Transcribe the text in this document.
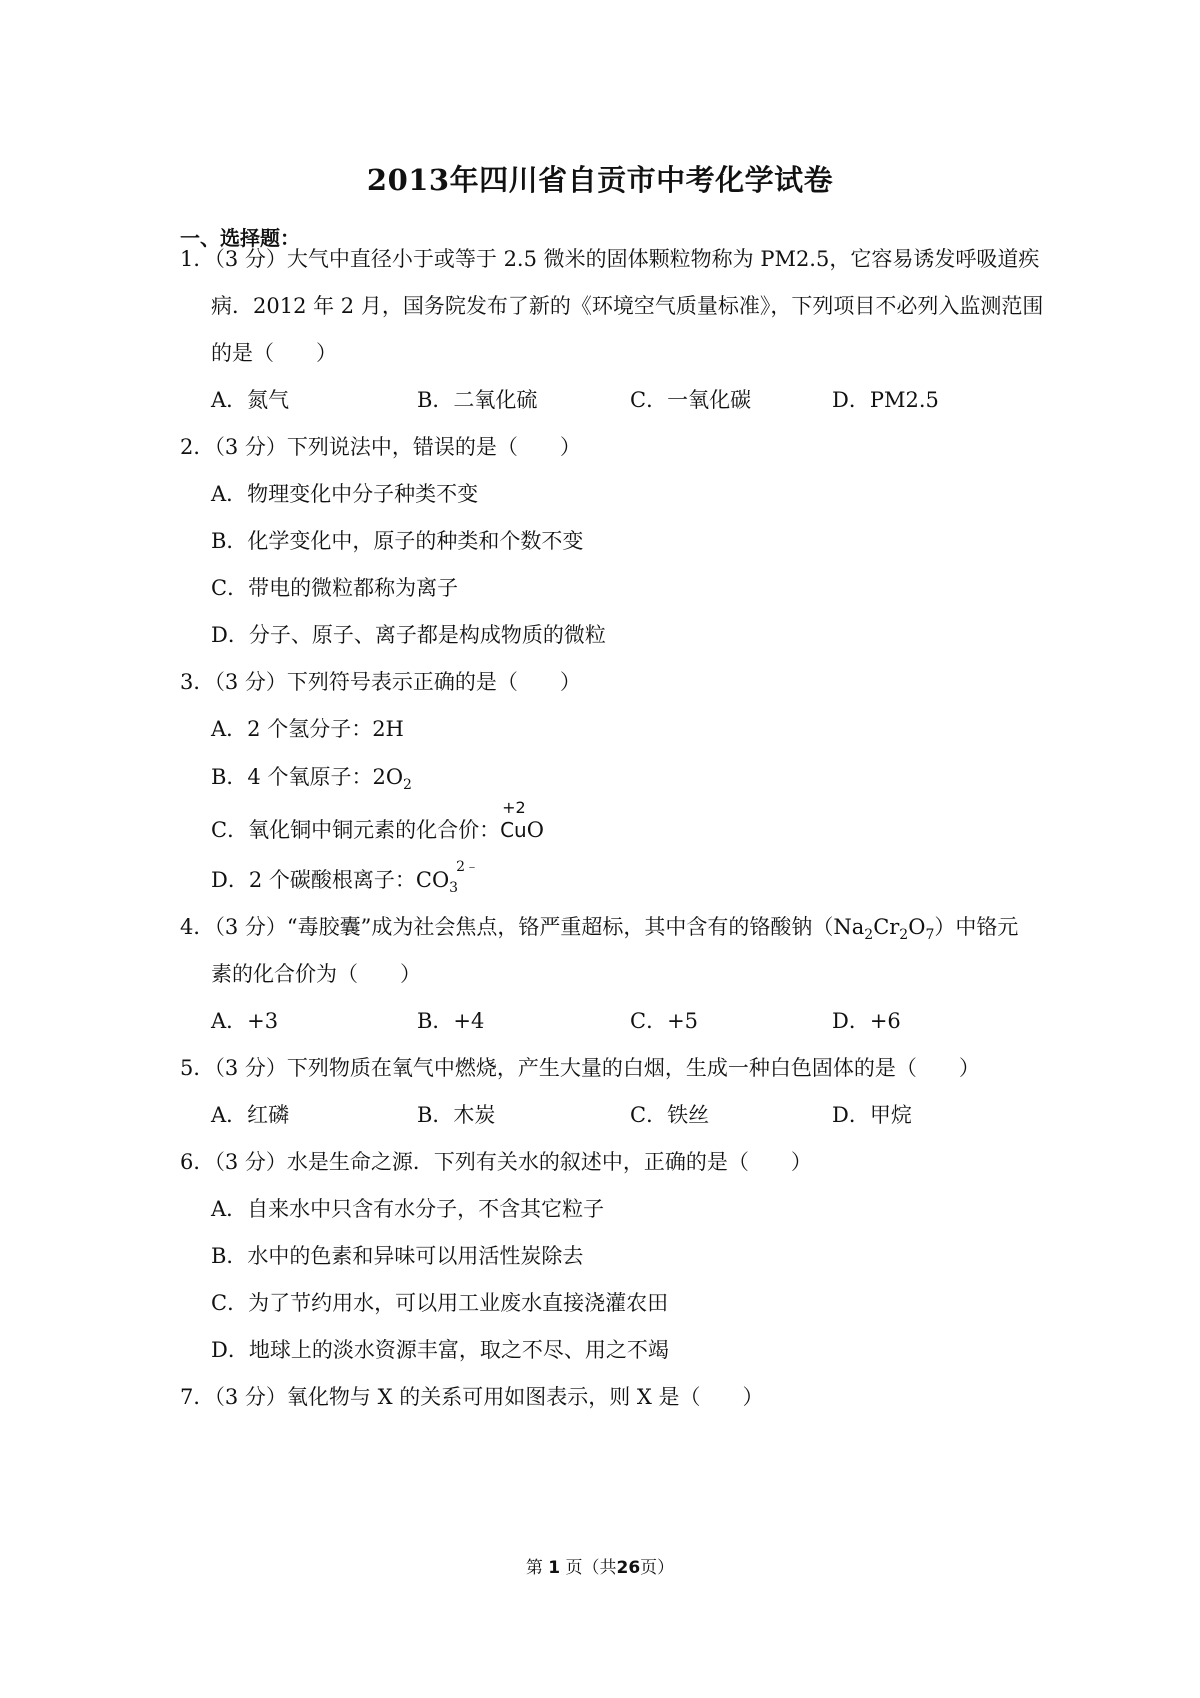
2013年四川省自贡市中考化学试卷
一、选择题：
1．（3 分）大气中直径小于或等于 2.5 微米的固体颗粒物称为 PM2.5，它容易诱发呼吸道疾
病．2012 年 2 月，国务院发布了新的《环境空气质量标准》，下列项目不必列入监测范围
的是（　　）
A．氮气	B．二氧化硫	C．一氧化碳	D．PM2.5
2．（3 分）下列说法中，错误的是（　　）
A．物理变化中分子种类不变
B．化学变化中，原子的种类和个数不变
C．带电的微粒都称为离子
D．分子、原子、离子都是构成物质的微粒
3．（3 分）下列符号表示正确的是（　　）
A．2 个氢分子：2H
B．4 个氧原子：$2O_2$
C．氧化铜中铜元素的化合价：
+2
CuO
D．2 个碳酸根离子：$CO_3^{2﹣}$
4．（3 分）“毒胶囊”成为社会焦点，铬严重超标，其中含有的铬酸钠$(Na_2Cr_2O_7)$中铬元
素的化合价为（　　）
A．+3	B．+4	C．+5	D．+6
5．（3 分）下列物质在氧气中燃烧，产生大量的白烟，生成一种白色固体的是（　　）
A．红磷	B．木炭	C．铁丝	D．甲烷
6．（3 分）水是生命之源．下列有关水的叙述中，正确的是（　　）
A．自来水中只含有水分子，不含其它粒子
B．水中的色素和异味可以用活性炭除去
C．为了节约用水，可以用工业废水直接浇灌农田
D．地球上的淡水资源丰富，取之不尽、用之不竭
7．（3 分）氧化物与 X 的关系可用如图表示，则 X 是（　　）
第 1 页（共26页）
